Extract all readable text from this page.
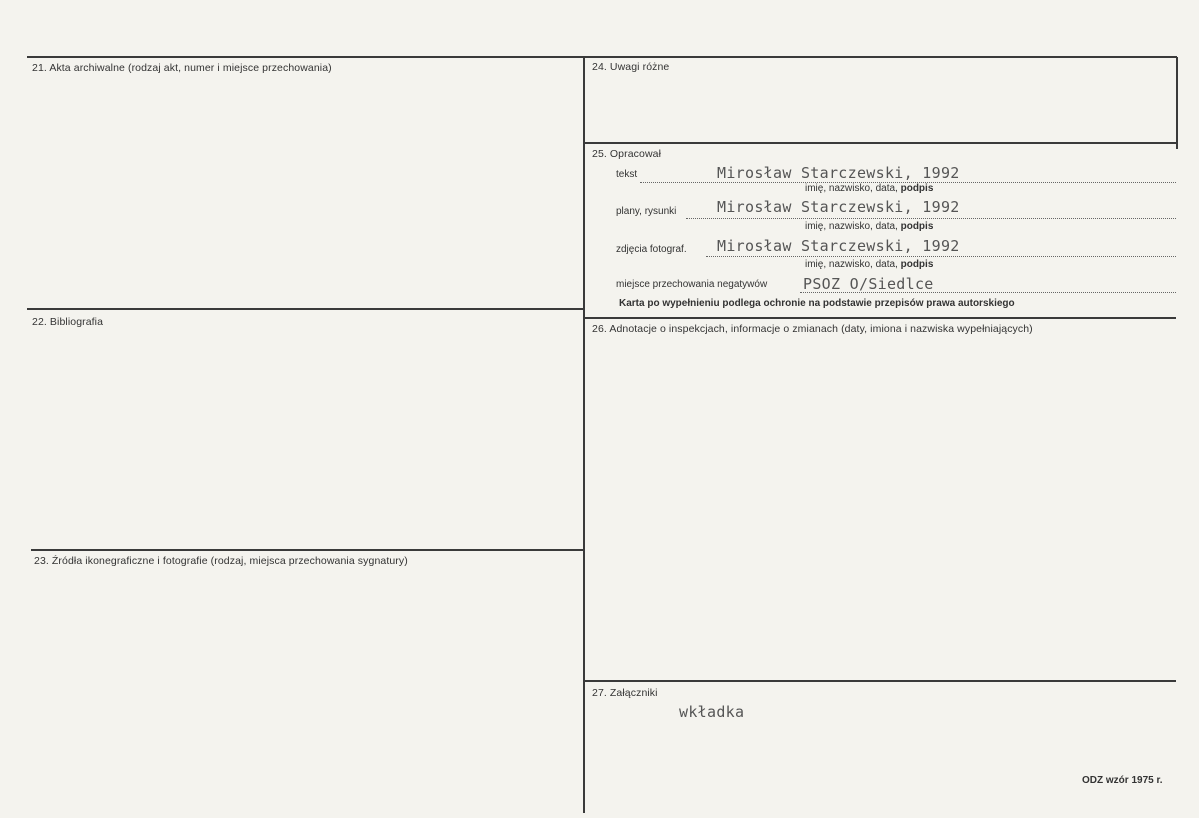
21. Akta archiwalne (rodzaj akt, numer i miejsce przechowania)
22. Bibliografia
23. Źródła ikonegraficzne i fotografie (rodzaj, miejsca przechowania sygnatury)
24. Uwagi różne
25. Opracował
tekst	Mirosław Starczewski, 1992
imię, nazwisko, data, podpis
plany, rysunki	Mirosław Starczewski, 1992
imię, nazwisko, data, podpis
zdjęcia fotograf. Mirosław Starczewski, 1992
imię, nazwisko, data, podpis
miejsce przechowania negatywów PSOZ O/Siedlce
Karta po wypełnieniu podlega ochronie na podstawie przepisów prawa autorskiego
26. Adnotacje o inspekcjach, informacje o zmianach (daty, imiona i nazwiska wypełniających)
27. Załączniki
wkładka
ODZ wzór 1975 r.
